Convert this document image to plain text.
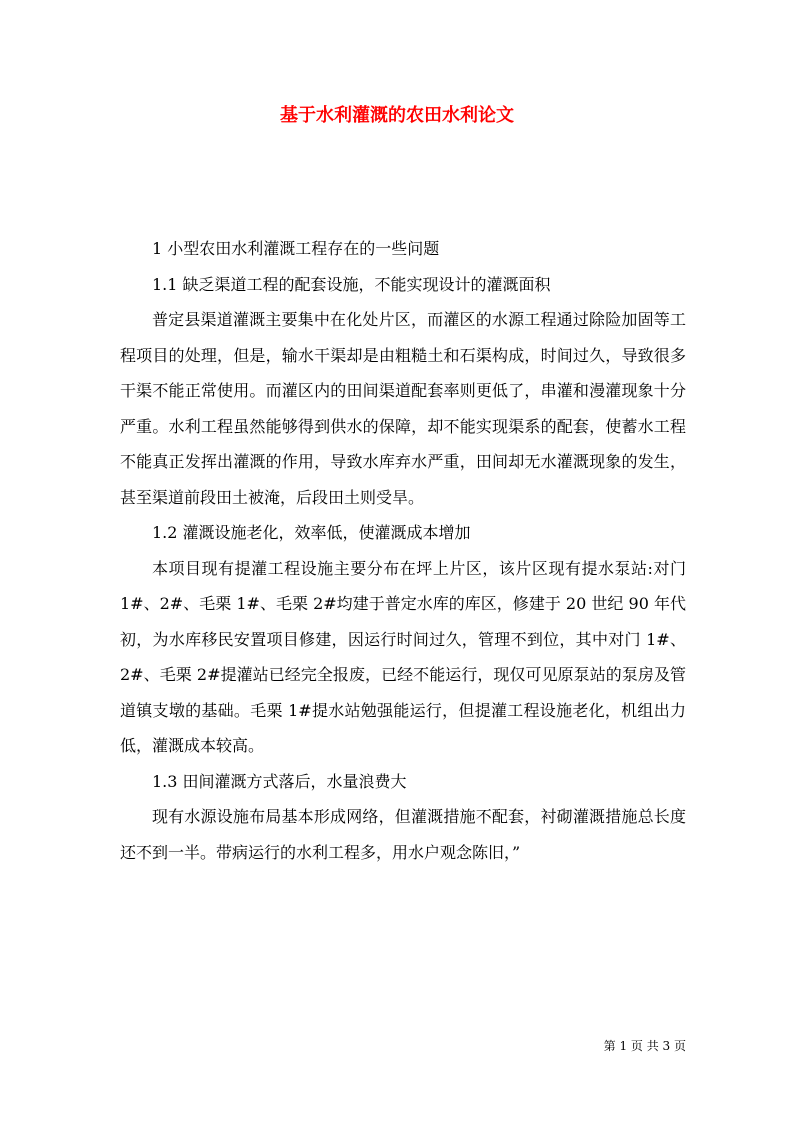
基于水利灌溉的农田水利论文

1 小型农田水利灌溉工程存在的一些问题

1.1 缺乏渠道工程的配套设施，不能实现设计的灌溉面积

普定县渠道灌溉主要集中在化处片区，而灌区的水源工程通过除险加固等工程项目的处理，但是，输水干渠却是由粗糙土和石渠构成，时间过久，导致很多干渠不能正常使用。而灌区内的田间渠道配套率则更低了，串灌和漫灌现象十分严重。水利工程虽然能够得到供水的保障，却不能实现渠系的配套，使蓄水工程不能真正发挥出灌溉的作用，导致水库弃水严重，田间却无水灌溉现象的发生，甚至渠道前段田土被淹，后段田土则受旱。

1.2 灌溉设施老化，效率低，使灌溉成本增加

本项目现有提灌工程设施主要分布在坪上片区，该片区现有提水泵站:对门 1#、2#、毛栗 1#、毛栗 2#均建于普定水库的库区，修建于 20 世纪 90 年代初，为水库移民安置项目修建，因运行时间过久，管理不到位，其中对门 1#、2#、毛栗 2#提灌站已经完全报废，已经不能运行，现仅可见原泵站的泵房及管道镇支墩的基础。毛栗 1#提水站勉强能运行，但提灌工程设施老化，机组出力低，灌溉成本较高。

1.3 田间灌溉方式落后，水量浪费大

现有水源设施布局基本形成网络，但灌溉措施不配套，衬砌灌溉措施总长度还不到一半。带病运行的水利工程多，用水户观念陈旧，”

第 1 页 共 3 页
